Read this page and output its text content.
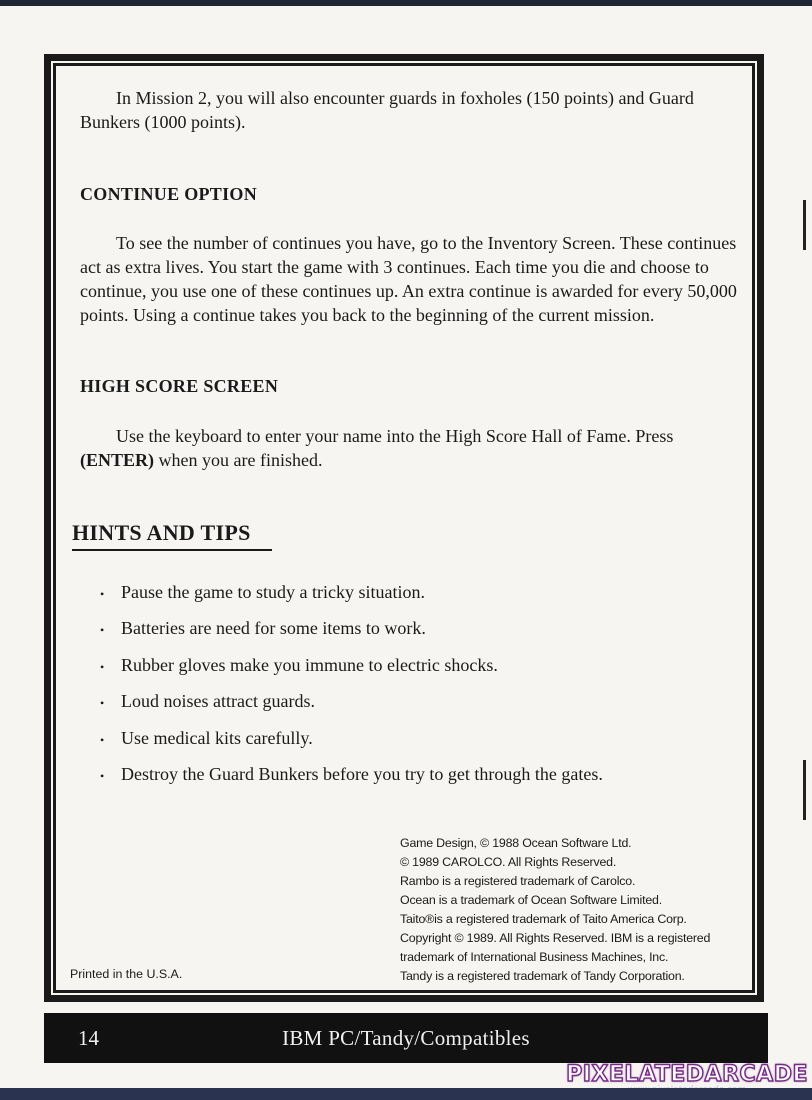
In Mission 2, you will also encounter guards in foxholes (150 points) and Guard Bunkers (1000 points).

CONTINUE OPTION

To see the number of continues you have, go to the Inventory Screen. These continues act as extra lives. You start the game with 3 continues. Each time you die and choose to continue, you use one of these continues up. An extra continue is awarded for every 50,000 points. Using a continue takes you back to the beginning of the current mission.

HIGH SCORE SCREEN

Use the keyboard to enter your name into the High Score Hall of Fame. Press (ENTER) when you are finished.

HINTS AND TIPS
• Pause the game to study a tricky situation.
• Batteries are need for some items to work.
• Rubber gloves make you immune to electric shocks.
• Loud noises attract guards.
• Use medical kits carefully.
• Destroy the Guard Bunkers before you try to get through the gates.
Game Design, © 1988 Ocean Software Ltd.
© 1989 CAROLCO. All Rights Reserved.
Rambo is a registered trademark of Carolco.
Ocean is a trademark of Ocean Software Limited.
Taito®is a registered trademark of Taito America Corp.
Copyright © 1989. All Rights Reserved. IBM is a registered
trademark of International Business Machines, Inc.
Tandy is a registered trademark of Tandy Corporation.
Printed in the U.S.A.
14	IBM PC/Tandy/Compatibles
PIXELATEDARCADE
